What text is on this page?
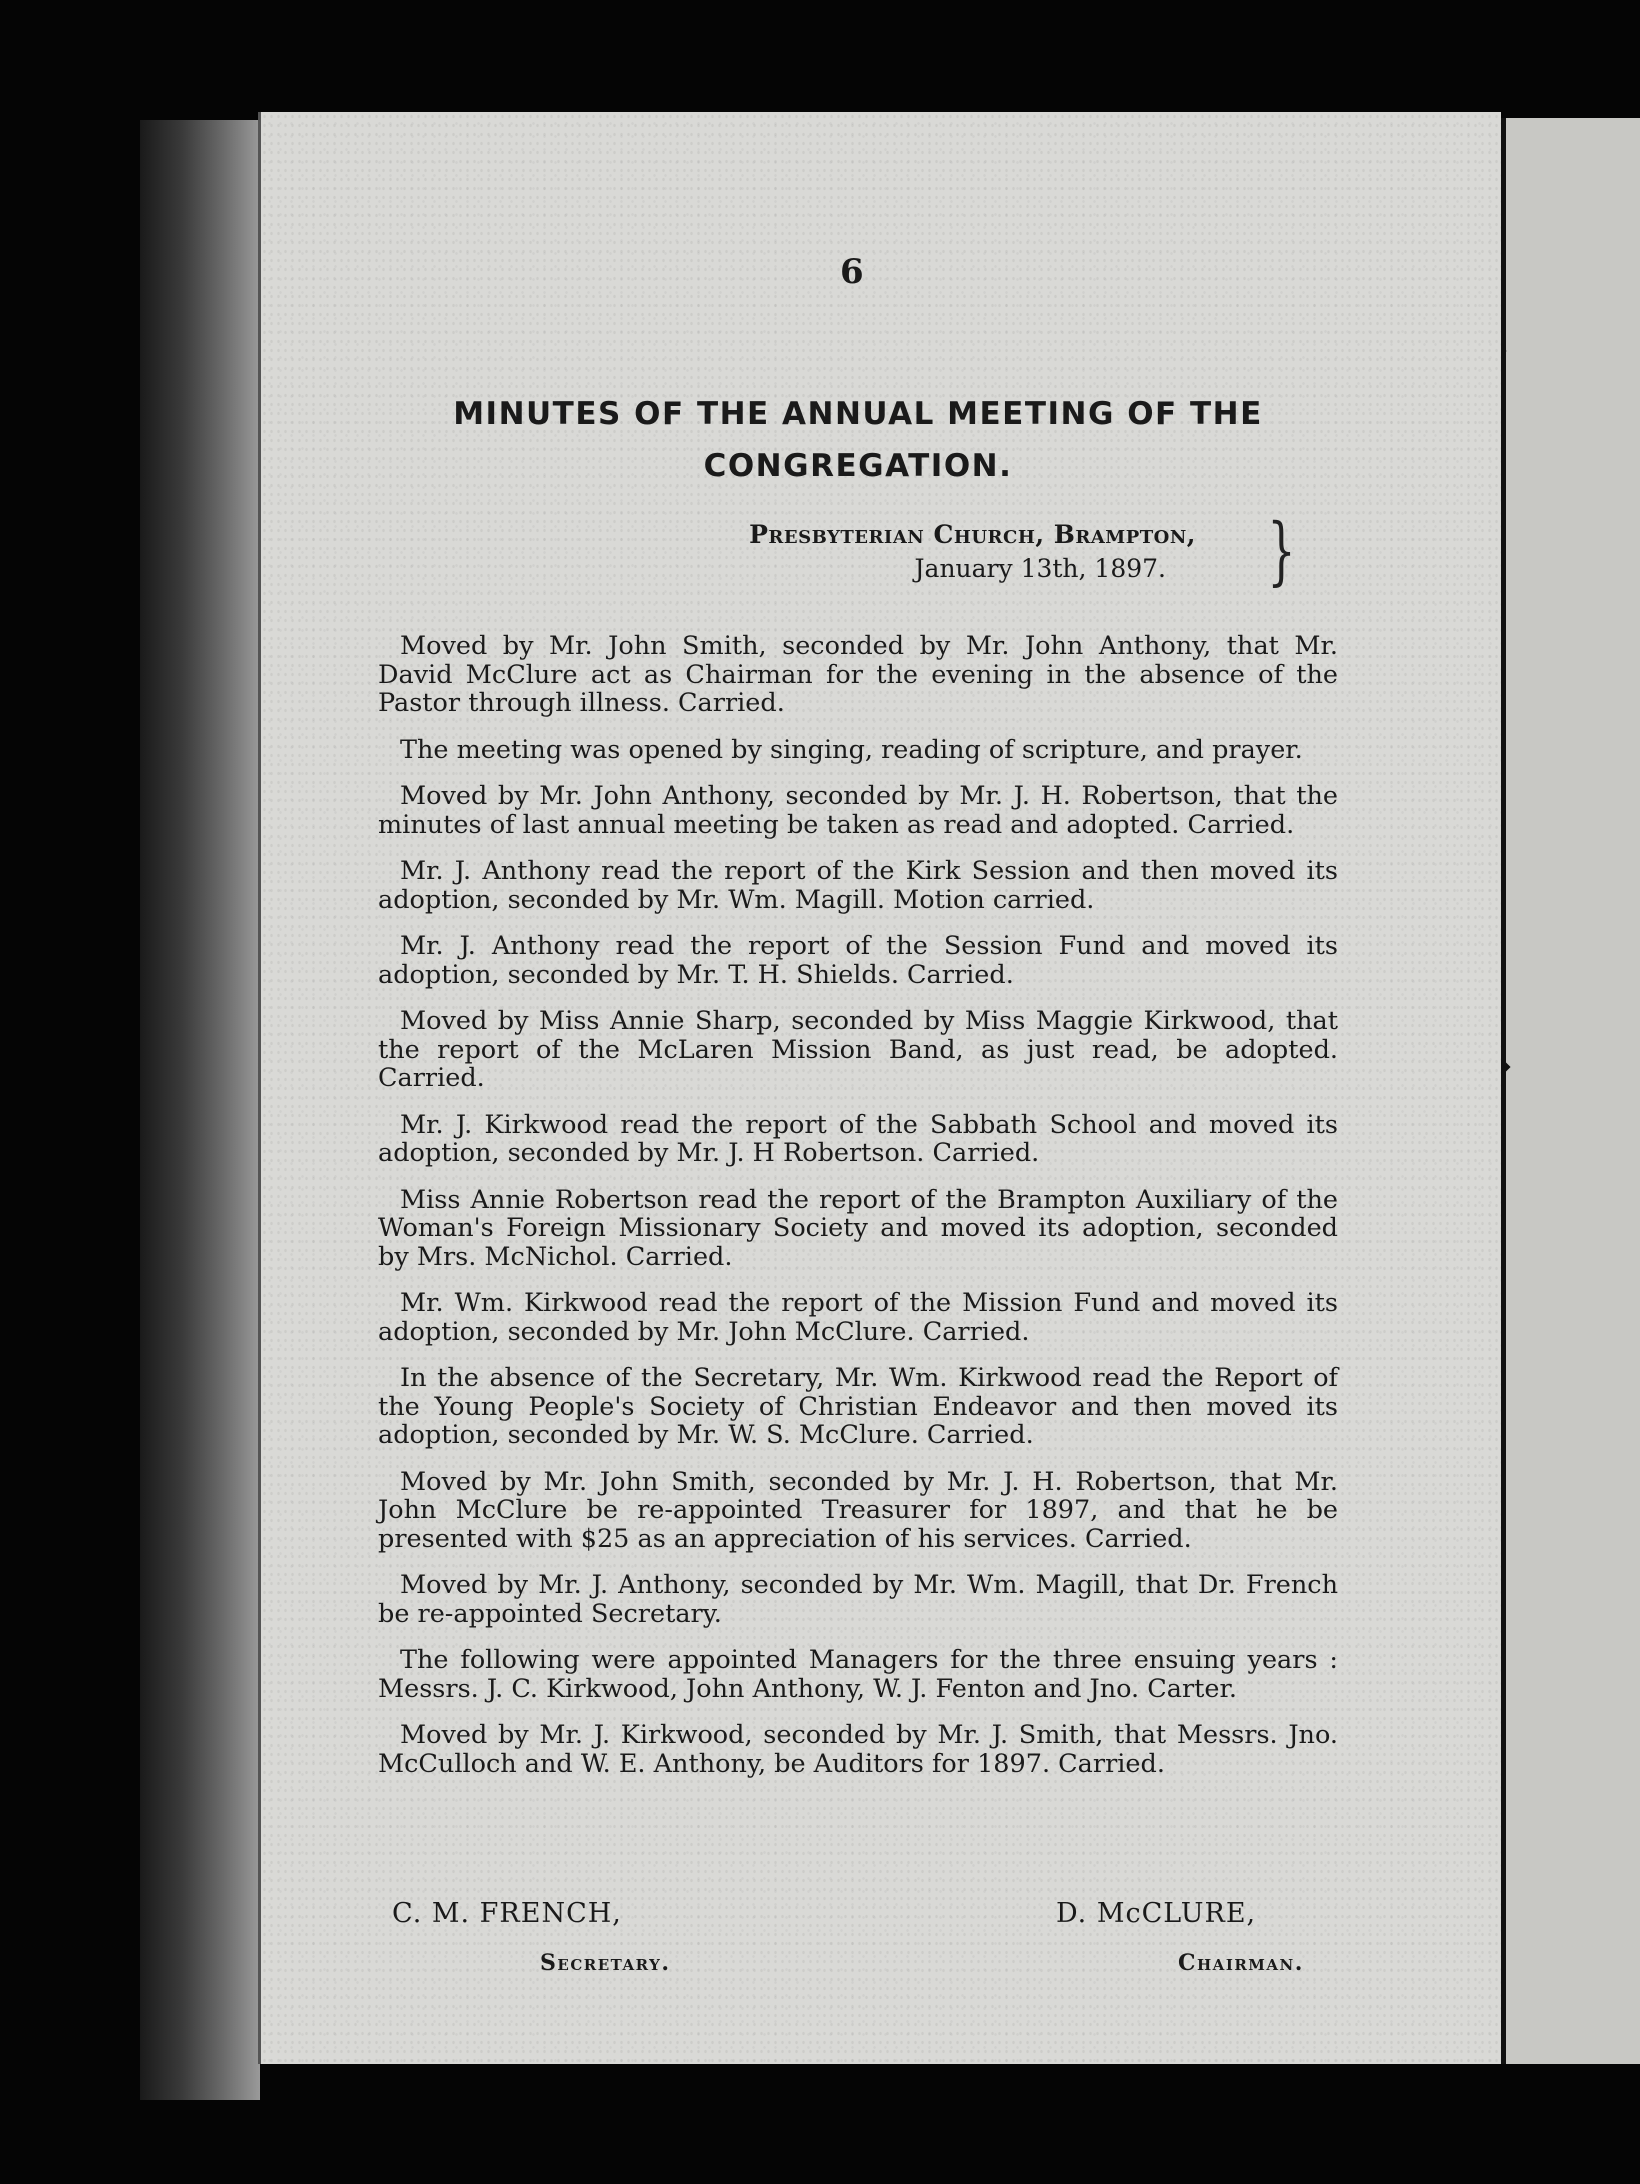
6
MINUTES OF THE ANNUAL MEETING OF THE
CONGREGATION.
Presbyterian Church, Brampton,
January 13th, 1897.	}

Moved by Mr. John Smith, seconded by Mr. John Anthony, that Mr. David McClure act as Chairman for the evening in the absence of the Pastor through illness. Carried.

The meeting was opened by singing, reading of scripture, and prayer.

Moved by Mr. John Anthony, seconded by Mr. J. H. Robertson, that the minutes of last annual meeting be taken as read and adopted. Carried.

Mr. J. Anthony read the report of the Kirk Session and then moved its adoption, seconded by Mr. Wm. Magill. Motion carried.

Mr. J. Anthony read the report of the Session Fund and moved its adoption, seconded by Mr. T. H. Shields. Carried.

Moved by Miss Annie Sharp, seconded by Miss Maggie Kirkwood, that the report of the McLaren Mission Band, as just read, be adopted. Carried.

Mr. J. Kirkwood read the report of the Sabbath School and moved its adoption, seconded by Mr. J. H Robertson. Carried.

Miss Annie Robertson read the report of the Brampton Auxiliary of the Woman's Foreign Missionary Society and moved its adoption, seconded by Mrs. McNichol. Carried.

Mr. Wm. Kirkwood read the report of the Mission Fund and moved its adoption, seconded by Mr. John McClure. Carried.

In the absence of the Secretary, Mr. Wm. Kirkwood read the Report of the Young People's Society of Christian Endeavor and then moved its adoption, seconded by Mr. W. S. McClure. Carried.

Moved by Mr. John Smith, seconded by Mr. J. H. Robertson, that Mr. John McClure be re-appointed Treasurer for 1897, and that he be presented with $25 as an appreciation of his services. Carried.

Moved by Mr. J. Anthony, seconded by Mr. Wm. Magill, that Dr. French be re-appointed Secretary.

The following were appointed Managers for the three ensuing years : Messrs. J. C. Kirkwood, John Anthony, W. J. Fenton and Jno. Carter.

Moved by Mr. J. Kirkwood, seconded by Mr. J. Smith, that Messrs. Jno. McCulloch and W. E. Anthony, be Auditors for 1897. Carried.

C. M. FRENCH,
Secretary.
D. McCLURE,
Chairman.
